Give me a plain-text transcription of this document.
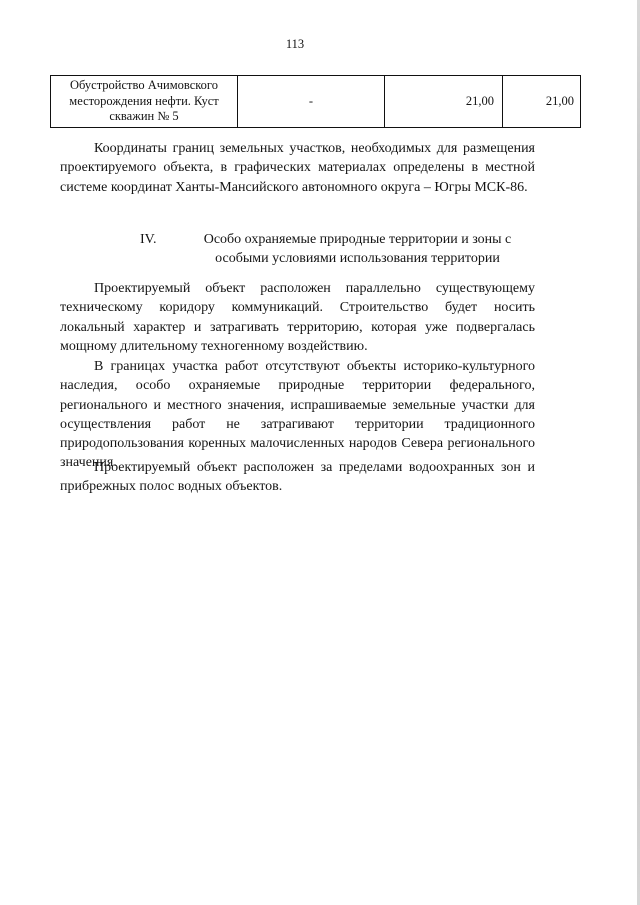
113
Обустройство Ачимовского месторождения нефти. Куст скважин № 5	-	21,00	21,00

Координаты границ земельных участков, необходимых для размещения проектируемого объекта, в графических материалах определены в местной системе координат Ханты-Мансийского автономного округа – Югры МСК-86.

IV.	Особо охраняемые природные территории и зоны с особыми условиями использования территории

Проектируемый объект расположен параллельно существующему техническому коридору коммуникаций. Строительство будет носить локальный характер и затрагивать территорию, которая уже подвергалась мощному длительному техногенному воздействию.

В границах участка работ отсутствуют объекты историко-культурного наследия, особо охраняемые природные территории федерального, регионального и местного значения, испрашиваемые земельные участки для осуществления работ не затрагивают территории традиционного природопользования коренных малочисленных народов Севера регионального значения.

Проектируемый объект расположен за пределами водоохранных зон и прибрежных полос водных объектов.
